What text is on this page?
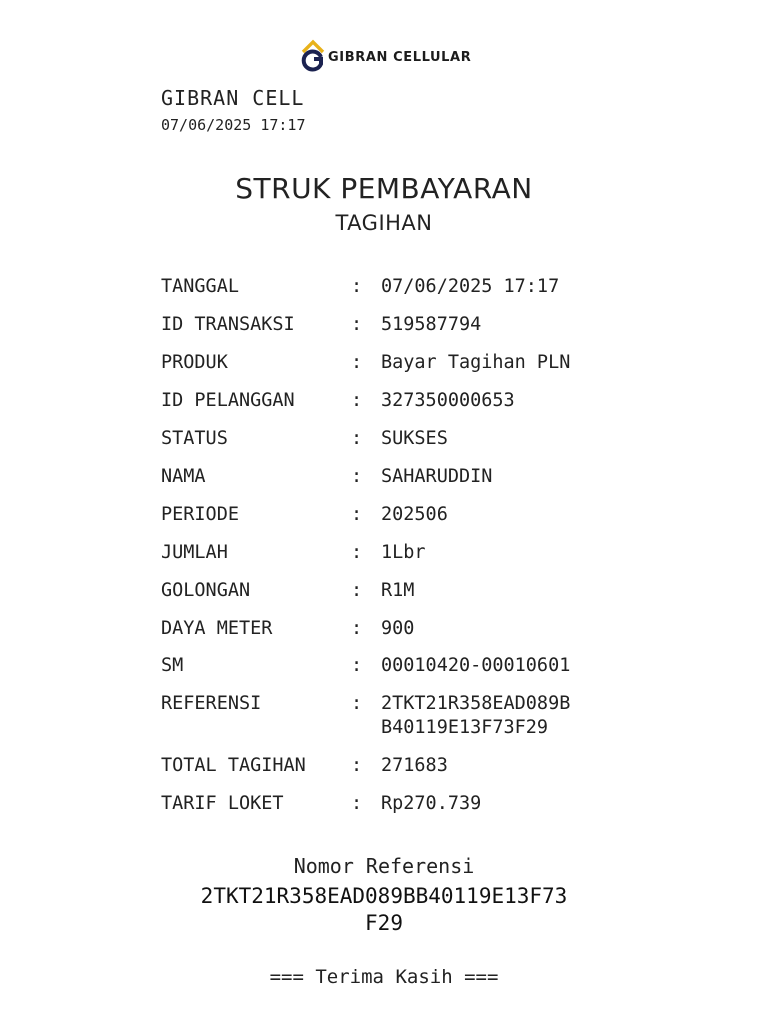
GIBRAN CELLULAR
GIBRAN CELL
07/06/2025 17:17
STRUK PEMBAYARAN
TAGIHAN
TANGGAL	: 07/06/2025 17:17
ID TRANSAKSI	: 519587794
PRODUK	: Bayar Tagihan PLN
ID PELANGGAN	: 327350000653
STATUS	: SUKSES
NAMA	: SAHARUDDIN
PERIODE	: 202506
JUMLAH	: 1Lbr
GOLONGAN	: R1M
DAYA METER	: 900
SM	: 00010420-00010601
REFERENSI	: 2TKT21R358EAD089B
B40119E13F73F29
TOTAL TAGIHAN : 271683
TARIF LOKET	: Rp270.739
Nomor Referensi
2TKT21R358EAD089BB40119E13F73
F29
=== Terima Kasih ===
